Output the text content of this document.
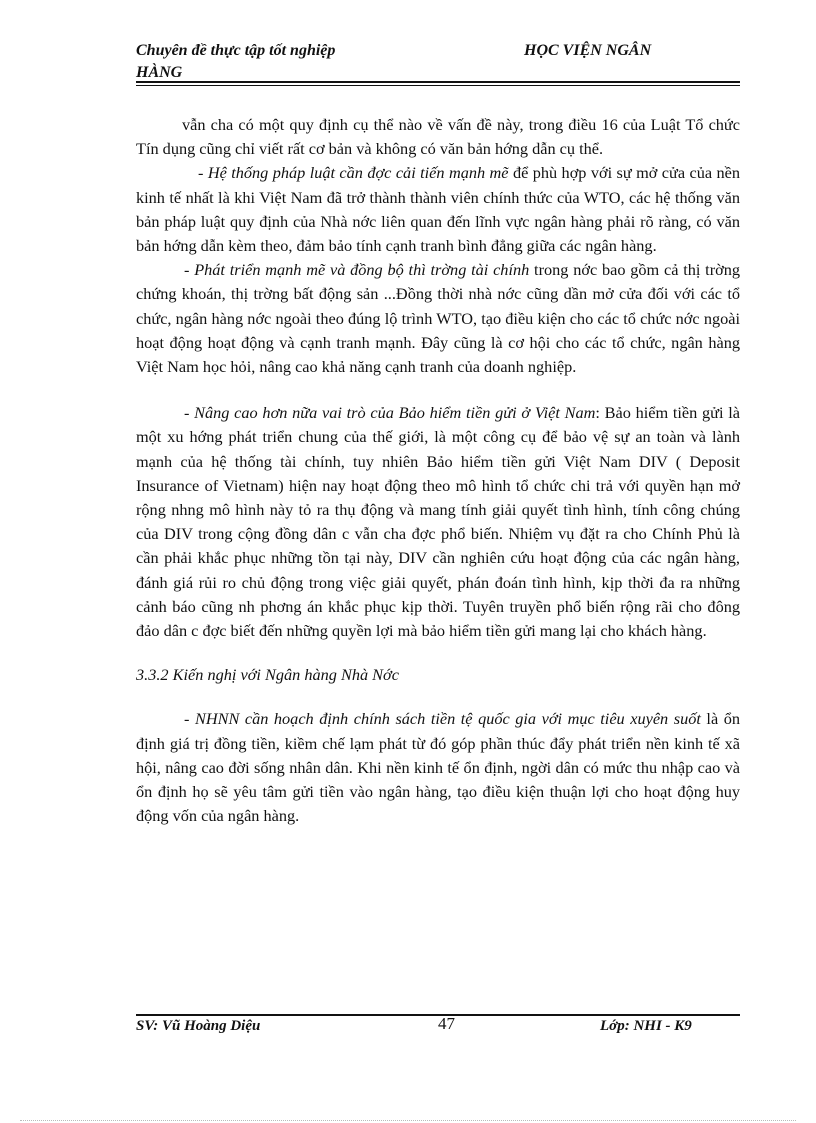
Chuyên đề thực tập tốt nghiệp
HÀNG
HỌC VIỆN NGÂN

vẫn cha có một quy định cụ thể nào về vấn đề này, trong điều 16 của Luật Tổ chức Tín dụng cũng chỉ viết rất cơ bản và không có văn bản hớng dẫn cụ thể.

- Hệ thống pháp luật cần đợc cải tiến mạnh mẽ để phù hợp với sự mở cửa của nền kinh tế nhất là khi Việt Nam đã trở thành thành viên chính thức của WTO, các hệ thống văn bản pháp luật quy định của Nhà nớc liên quan đến lĩnh vực ngân hàng phải rõ ràng, có văn bản hớng dẫn kèm theo, đảm bảo tính cạnh tranh bình đẳng giữa các ngân hàng.

- Phát triển mạnh mẽ và đồng bộ thì trờng tài chính trong nớc bao gồm cả thị trờng chứng khoán, thị trờng bất động sản ...Đồng thời nhà nớc cũng dần mở cửa đối với các tổ chức, ngân hàng nớc ngoài theo đúng lộ trình WTO, tạo điều kiện cho các tổ chức nớc ngoài hoạt động hoạt động và cạnh tranh mạnh. Đây cũng là cơ hội cho các tổ chức, ngân hàng Việt Nam học hỏi, nâng cao khả năng cạnh tranh của doanh nghiệp.

- Nâng cao hơn nữa vai trò của Bảo hiểm tiền gửi ở Việt Nam: Bảo hiểm tiền gửi là một xu hớng phát triển chung của thế giới, là một công cụ để bảo vệ sự an toàn và lành mạnh của hệ thống tài chính, tuy nhiên Bảo hiểm tiền gửi Việt Nam DIV ( Deposit Insurance of Vietnam) hiện nay hoạt động theo mô hình tổ chức chi trả với quyền hạn mở rộng nhng mô hình này tỏ ra thụ động và mang tính giải quyết tình hình, tính công chúng của DIV trong cộng đồng dân c vẫn cha đợc phổ biến. Nhiệm vụ đặt ra cho Chính Phủ là cần phải khắc phục những tồn tại này, DIV cần nghiên cứu hoạt động của các ngân hàng, đánh giá rủi ro chủ động trong việc giải quyết, phán đoán tình hình, kịp thời đa ra những cảnh báo cũng nh phơng án khắc phục kịp thời. Tuyên truyền phổ biến rộng rãi cho đông đảo dân c đợc biết đến những quyền lợi mà bảo hiểm tiền gửi mang lại cho khách hàng.

3.3.2 Kiến nghị với Ngân hàng Nhà Nớc

- NHNN cần hoạch định chính sách tiền tệ quốc gia với mục tiêu xuyên suốt là ổn định giá trị đồng tiền, kiềm chế lạm phát từ đó góp phần thúc đẩy phát triển nền kinh tế xã hội, nâng cao đời sống nhân dân. Khi nền kinh tế ổn định, ngời dân có mức thu nhập cao và ổn định họ sẽ yêu tâm gửi tiền vào ngân hàng, tạo điều kiện thuận lợi cho hoạt động huy động vốn của ngân hàng.

SV: Vũ Hoàng Diệu	47	Lớp: NHI - K9
